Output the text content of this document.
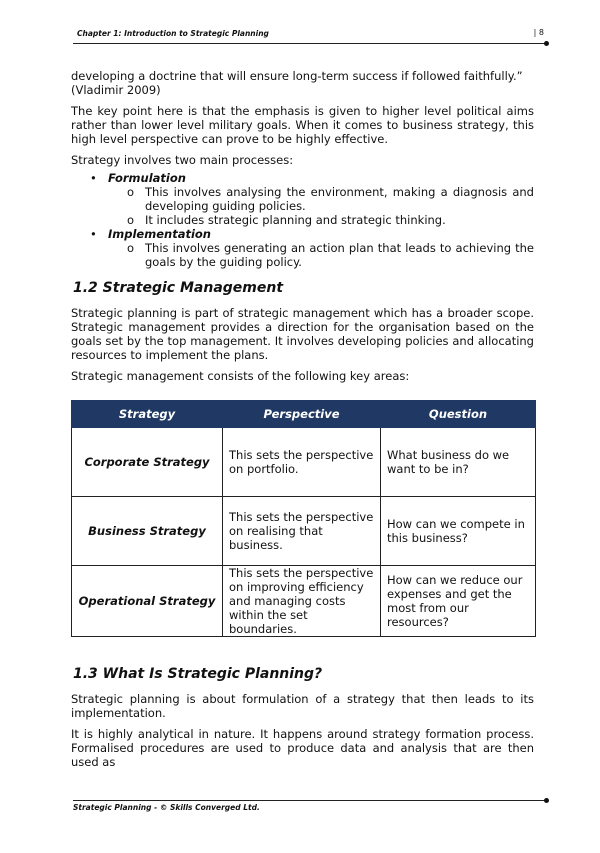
Chapter 1: Introduction to Strategic Planning	| 8

developing a doctrine that will ensure long-term success if followed faithfully.” (Vladimir 2009)

The key point here is that the emphasis is given to higher level political aims rather than lower level military goals. When it comes to business strategy, this high level perspective can prove to be highly effective.

Strategy involves two main processes:

• Formulation
o This involves analysing the environment, making a diagnosis and developing guiding policies.
o It includes strategic planning and strategic thinking.
• Implementation
o This involves generating an action plan that leads to achieving the goals by the guiding policy.
1.2 Strategic Management

Strategic planning is part of strategic management which has a broader scope. Strategic management provides a direction for the organisation based on the goals set by the top management. It involves developing policies and allocating resources to implement the plans.

Strategic management consists of the following key areas:

Strategy	Perspective	Question
Corporate Strategy	This sets the perspective on portfolio.	What business do we want to be in?
Business Strategy	This sets the perspective on realising that business.	How can we compete in this business?
Operational Strategy	This sets the perspective on improving efficiency and managing costs within the set boundaries.	How can we reduce our expenses and get the most from our resources?
1.3 What Is Strategic Planning?

Strategic planning is about formulation of a strategy that then leads to its implementation.

It is highly analytical in nature. It happens around strategy formation process. Formalised procedures are used to produce data and analysis that are then used as

Strategic Planning - © Skills Converged Ltd.
